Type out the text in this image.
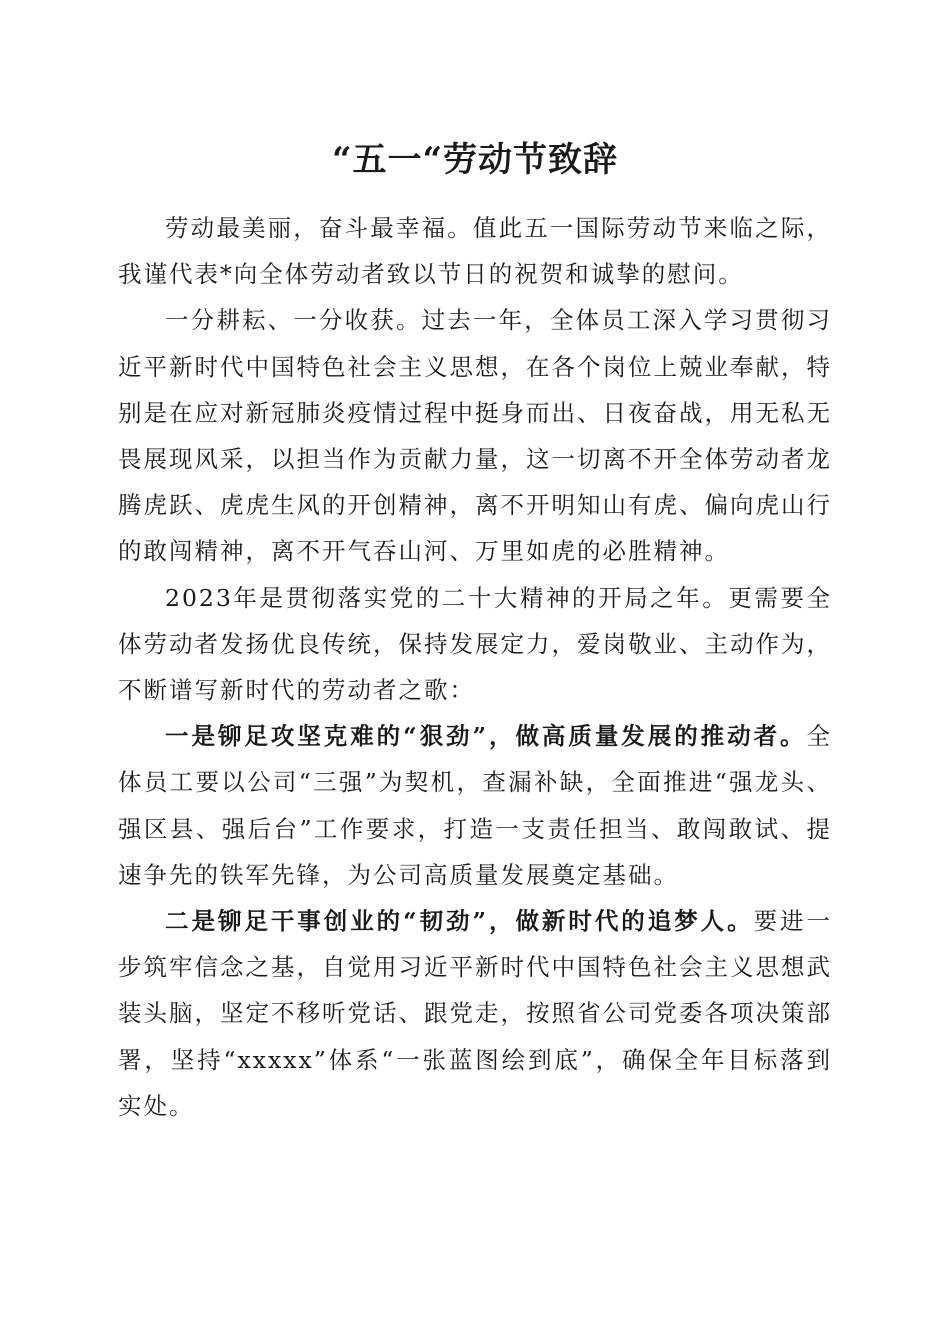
“五一“劳动节致辞

劳动最美丽，奋斗最幸福。值此五一国际劳动节来临之际，我谨代表*向全体劳动者致以节日的祝贺和诚挚的慰问。

一分耕耘、一分收获。过去一年，全体员工深入学习贯彻习近平新时代中国特色社会主义思想，在各个岗位上兢业奉献，特别是在应对新冠肺炎疫情过程中挺身而出、日夜奋战，用无私无畏展现风采，以担当作为贡献力量，这一切离不开全体劳动者龙腾虎跃、虎虎生风的开创精神，离不开明知山有虎、偏向虎山行的敢闯精神，离不开气吞山河、万里如虎的必胜精神。

2023年是贯彻落实党的二十大精神的开局之年。更需要全体劳动者发扬优良传统，保持发展定力，爱岗敬业、主动作为，不断谱写新时代的劳动者之歌：

一是铆足攻坚克难的“狠劲”，做高质量发展的推动者。全体员工要以公司“三强”为契机，查漏补缺，全面推进“强龙头、强区县、强后台”工作要求，打造一支责任担当、敢闯敢试、提速争先的铁军先锋，为公司高质量发展奠定基础。

二是铆足干事创业的“韧劲”，做新时代的追梦人。要进一步筑牢信念之基，自觉用习近平新时代中国特色社会主义思想武装头脑，坚定不移听党话、跟党走，按照省公司党委各项决策部署，坚持“xxxxx”体系“一张蓝图绘到底”，确保全年目标落到实处。
